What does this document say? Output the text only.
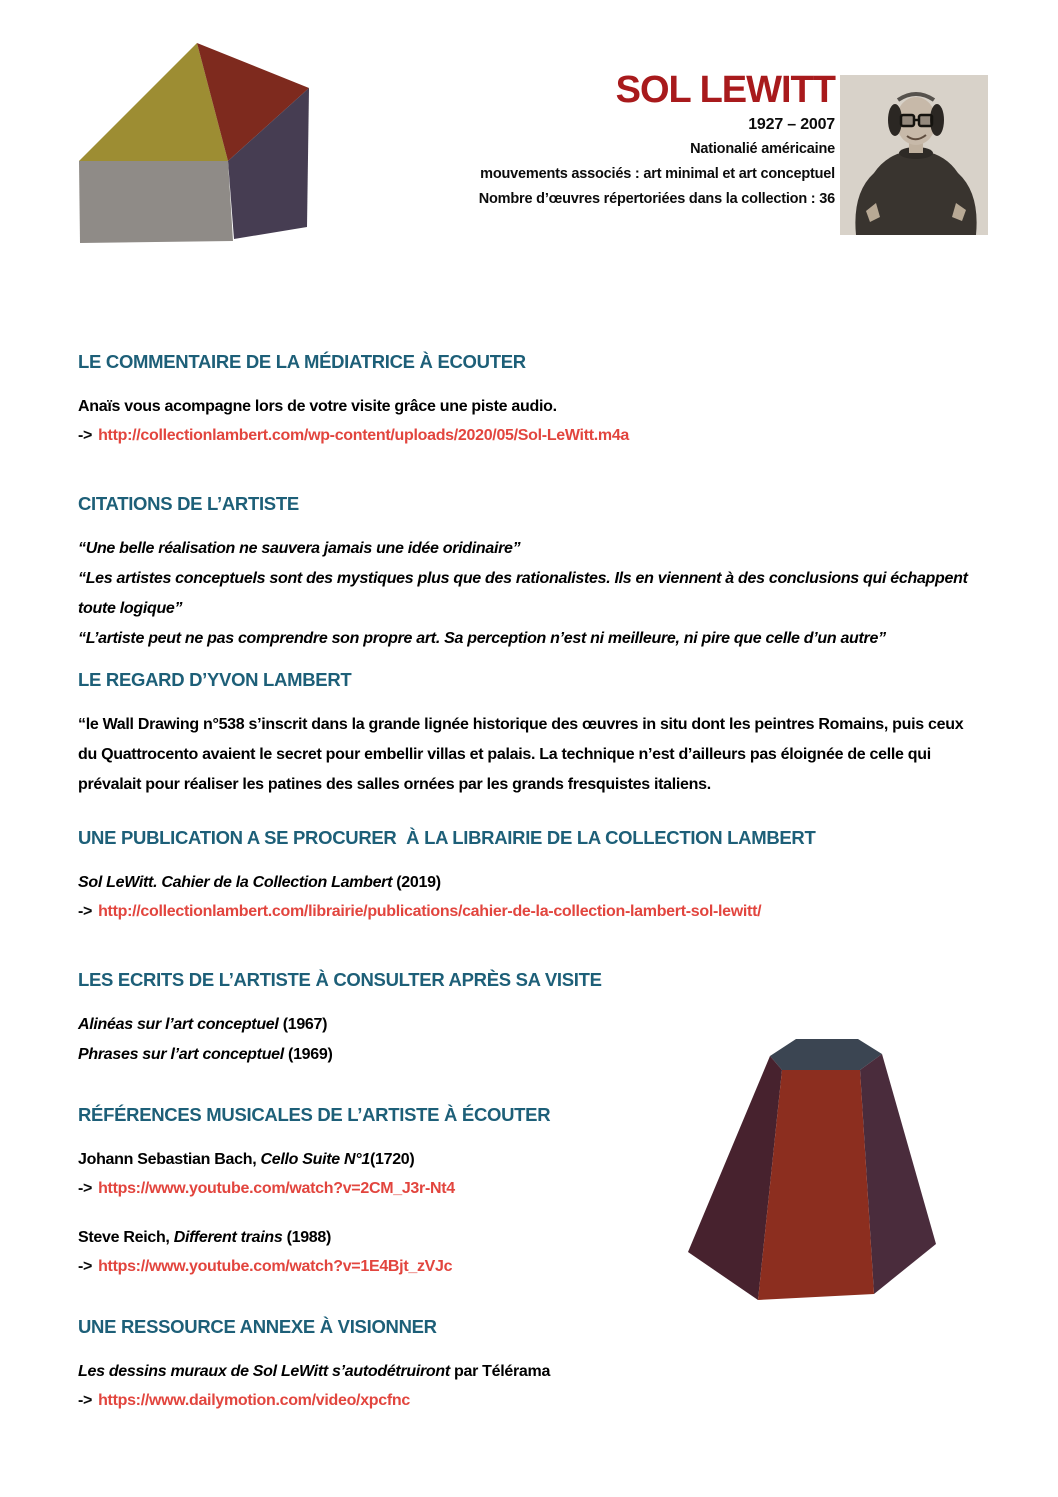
SOL LEWITT

1927 – 2007

Nationalié américaine

mouvements associés : art minimal et art conceptuel

Nombre d’œuvres répertoriées dans la collection : 36

LE COMMENTAIRE DE LA MÉDIATRICE À ECOUTER

Anaïs vous acompagne lors de votre visite grâce une piste audio.

-> http://collectionlambert.com/wp-content/uploads/2020/05/Sol-LeWitt.m4a

CITATIONS DE L’ARTISTE

“Une belle réalisation ne sauvera jamais une idée oridinaire”

“Les artistes conceptuels sont des mystiques plus que des rationalistes. Ils en viennent à des conclusions qui échappent toute logique”

“L’artiste peut ne pas comprendre son propre art. Sa perception n’est ni meilleure, ni pire que celle d’un autre”

LE REGARD D’YVON LAMBERT

“le Wall Drawing n°538 s’inscrit dans la grande lignée historique des œuvres in situ dont les peintres Romains, puis ceux du Quattrocento avaient le secret pour embellir villas et palais. La technique n’est d’ailleurs pas éloignée de celle qui prévalait pour réaliser les patines des salles ornées par les grands fresquistes italiens.

UNE PUBLICATION A SE PROCURER  À LA LIBRAIRIE DE LA COLLECTION LAMBERT

Sol LeWitt. Cahier de la Collection Lambert (2019)

-> http://collectionlambert.com/librairie/publications/cahier-de-la-collection-lambert-sol-lewitt/

LES ECRITS DE L’ARTISTE À CONSULTER APRÈS SA VISITE

Alinéas sur l’art conceptuel (1967)

Phrases sur l’art conceptuel (1969)

RÉFÉRENCES MUSICALES DE L’ARTISTE À ÉCOUTER

Johann Sebastian Bach, Cello Suite N°1(1720)

-> https://www.youtube.com/watch?v=2CM_J3r-Nt4

Steve Reich, Different trains (1988)

-> https://www.youtube.com/watch?v=1E4Bjt_zVJc

UNE RESSOURCE ANNEXE À VISIONNER

Les dessins muraux de Sol LeWitt s’autodétruiront par Télérama

-> https://www.dailymotion.com/video/xpcfnc
